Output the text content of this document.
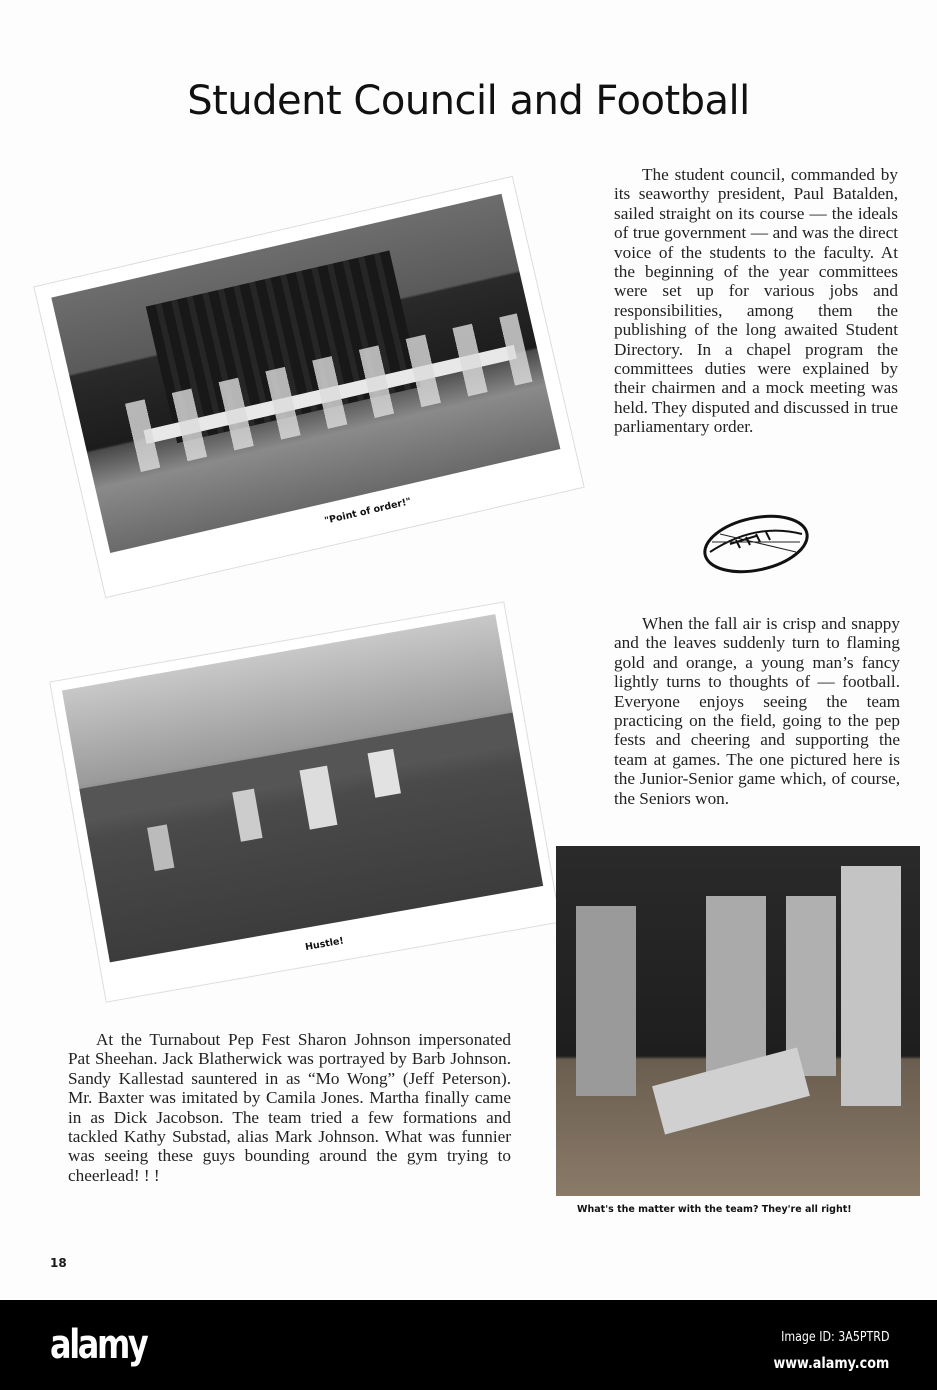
Student Council and Football

The student council, commanded by its seaworthy president, Paul Batalden, sailed straight on its course — the ideals of true government — and was the direct voice of the students to the faculty. At the beginning of the year committees were set up for various jobs and responsibilities, among them the publishing of the long awaited Student Directory. In a chapel program the committees duties were explained by their chairmen and a mock meeting was held. They disputed and discussed in true parliamentary order.

"Point of order!"

When the fall air is crisp and snappy and the leaves suddenly turn to flaming gold and orange, a young man’s fancy lightly turns to thoughts of — football. Everyone enjoys seeing the team practicing on the field, going to the pep fests and cheering and supporting the team at games. The one pictured here is the Junior-Senior game which, of course, the Seniors won.

Hustle!
What's the matter with the team? They're all right!

At the Turnabout Pep Fest Sharon Johnson impersonated Pat Sheehan. Jack Blatherwick was portrayed by Barb Johnson. Sandy Kallestad sauntered in as “Mo Wong” (Jeff Peterson). Mr. Baxter was imitated by Camila Jones. Martha finally came in as Dick Jacobson. The team tried a few formations and tackled Kathy Substad, alias Mark Johnson. What was funnier was seeing these guys bounding around the gym trying to cheerlead! ! !

18
alamy	Image ID: 3A5PTRD
www.alamy.com
